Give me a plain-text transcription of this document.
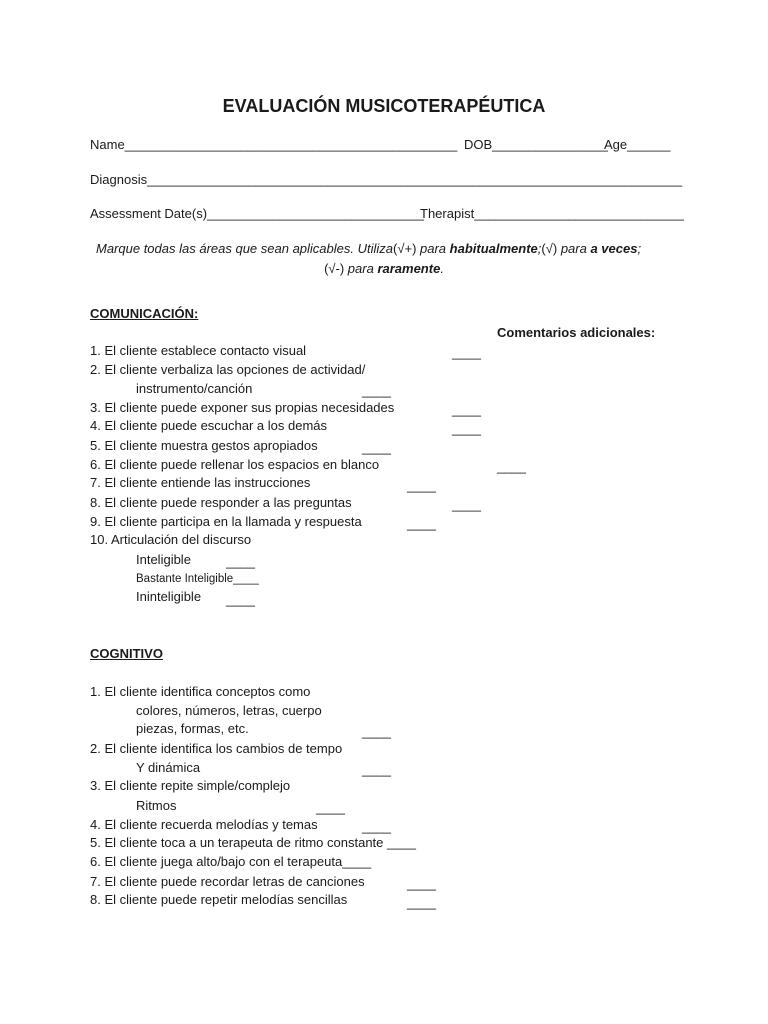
EVALUACIÓN MUSICOTERAPÉUTICA
Name______________________________________________ DOB________________
Age______
Diagnosis__________________________________________________________________________
Assessment Date(s)______________________________
Therapist_____________________________
Marque todas las áreas que sean aplicables. Utiliza(√+) para habitualmente;(√) para a veces;
(√-) para raramente.
COMUNICACIÓN:
Comentarios adicionales:
1. El cliente establece contacto visual	____
2. El cliente verbaliza las opciones de actividad/
instrumento/canción	____
3. El cliente puede exponer sus propias necesidades	____
4. El cliente puede escuchar a los demás	____
5. El cliente muestra gestos apropiados	____
6. El cliente puede rellenar los espacios en blanco	____
7. El cliente entiende las instrucciones	____
8. El cliente puede responder a las preguntas	____
9. El cliente participa en la llamada y respuesta	____
10. Articulación del discurso
Inteligible	____
Bastante Inteligible____
Ininteligible ____
COGNITIVO
1. El cliente identifica conceptos como
colores, números, letras, cuerpo
piezas, formas, etc.	____
2. El cliente identifica los cambios de tempo
Y dinámica	____
3. El cliente repite simple/complejo
Ritmos	____
4. El cliente recuerda melodías y temas	____
5. El cliente toca a un terapeuta de ritmo constante ____
6. El cliente juega alto/bajo con el terapeuta____
7. El cliente puede recordar letras de canciones	____
8. El cliente puede repetir melodías sencillas	____
